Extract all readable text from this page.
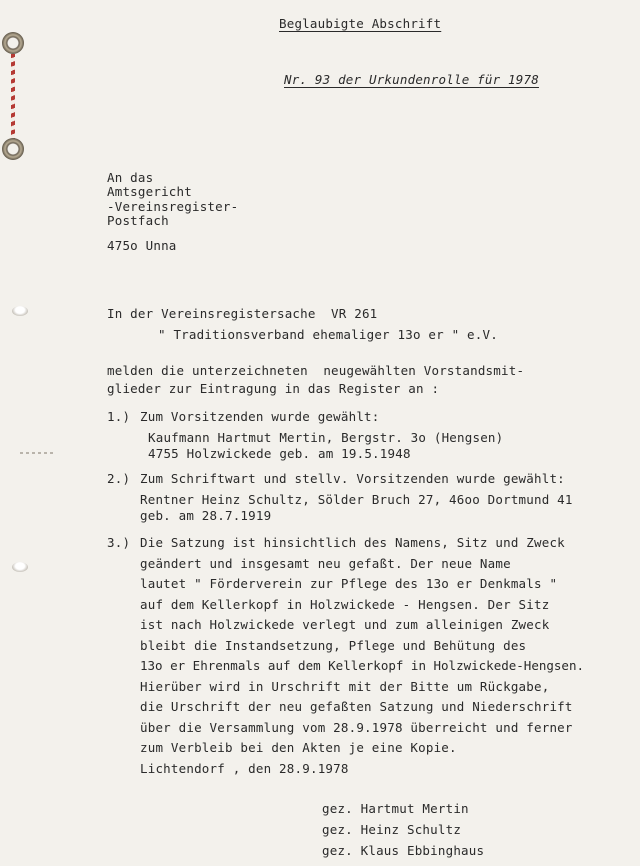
Beglaubigte Abschrift
Nr. 93 der Urkundenrolle für 1978
An das
Amtsgericht
-Vereinsregister-
Postfach
475o Unna
In der Vereinsregistersache  VR 261
" Traditionsverband ehemaliger 13o er " e.V.
melden die unterzeichneten  neugewählten Vorstandsmit-
glieder zur Eintragung in das Register an :
1.) Zum Vorsitzenden wurde gewählt:
Kaufmann Hartmut Mertin, Bergstr. 3o (Hengsen)
4755 Holzwickede geb. am 19.5.1948
2.) Zum Schriftwart und stellv. Vorsitzenden wurde gewählt:
Rentner Heinz Schultz, Sölder Bruch 27, 46oo Dortmund 41
geb. am 28.7.1919
3.) Die Satzung ist hinsichtlich des Namens, Sitz und Zweck
geändert und insgesamt neu gefaßt. Der neue Name
lautet " Förderverein zur Pflege des 13o er Denkmals "
auf dem Kellerkopf in Holzwickede - Hengsen. Der Sitz
ist nach Holzwickede verlegt und zum alleinigen Zweck
bleibt die Instandsetzung, Pflege und Behütung des
13o er Ehrenmals auf dem Kellerkopf in Holzwickede-Hengsen.
Hierüber wird in Urschrift mit der Bitte um Rückgabe,
die Urschrift der neu gefaßten Satzung und Niederschrift
über die Versammlung vom 28.9.1978 überreicht und ferner
zum Verbleib bei den Akten je eine Kopie.
Lichtendorf , den 28.9.1978
gez. Hartmut Mertin
gez. Heinz Schultz
gez. Klaus Ebbinghaus
